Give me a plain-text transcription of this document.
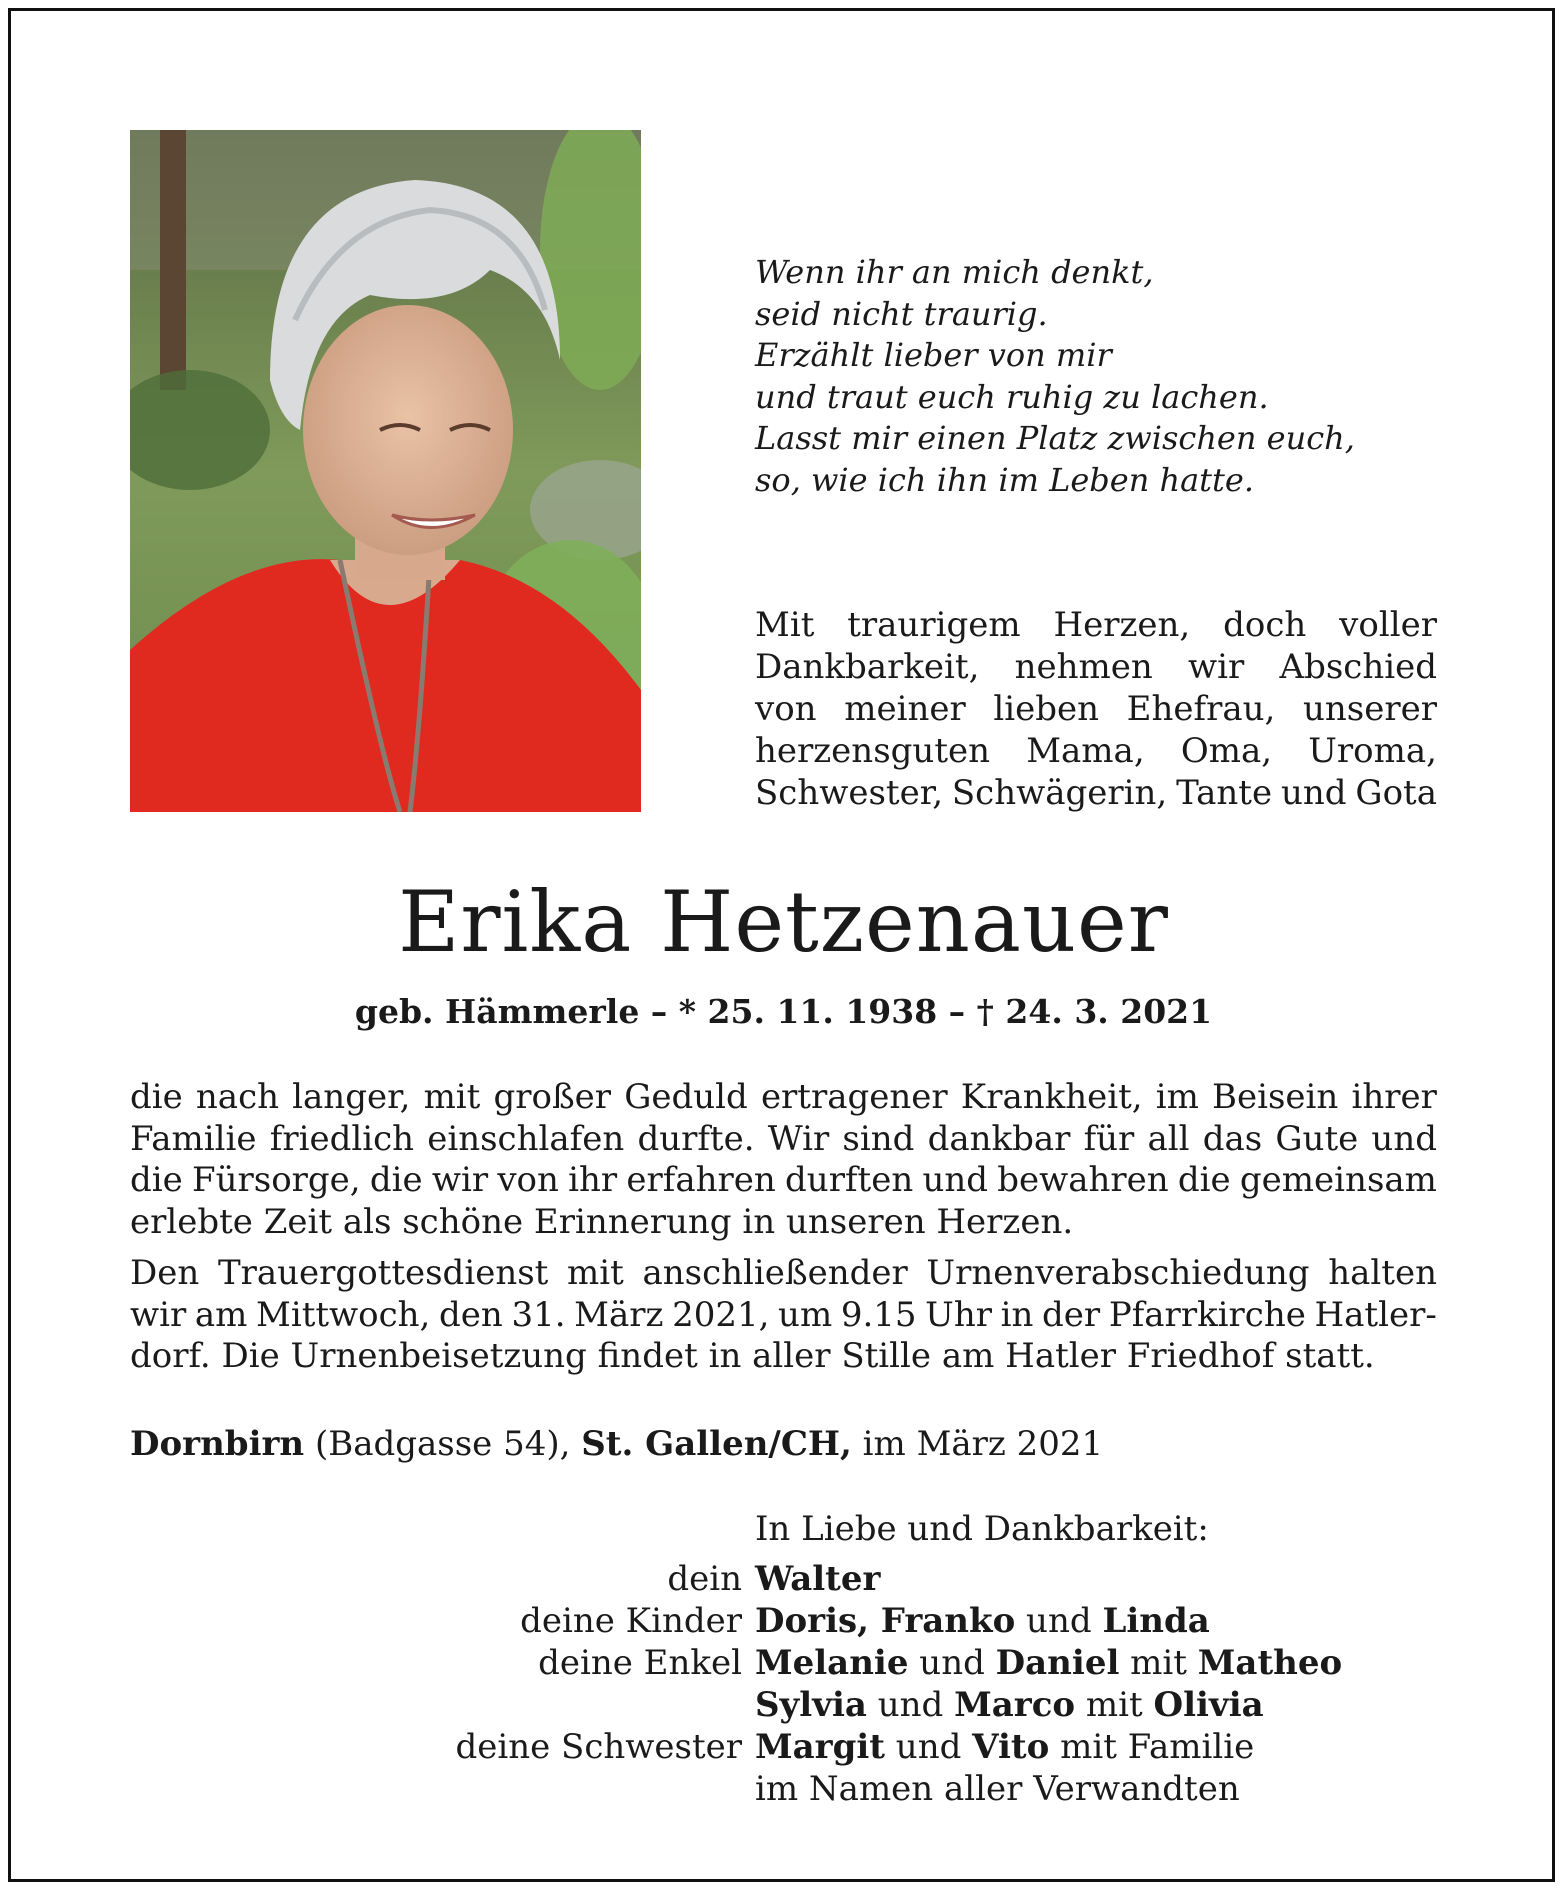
Wenn ihr an mich denkt,
seid nicht traurig.
Erzählt lieber von mir
und traut euch ruhig zu lachen.
Lasst mir einen Platz zwischen euch,
so, wie ich ihn im Leben hatte.

Mit traurigem Herzen, doch voller
Dankbarkeit, nehmen wir Abschied
von meiner lieben Ehefrau, unserer
herzensguten Mama, Oma, Uroma,
Schwester, Schwägerin, Tante und Gota

Erika Hetzenauer

geb. Hämmerle – * 25. 11. 1938 – † 24. 3. 2021

die nach langer, mit großer Geduld ertragener Krankheit, im Beisein ihrer
Familie friedlich einschlafen durfte. Wir sind dankbar für all das Gute und
die Fürsorge, die wir von ihr erfahren durften und bewahren die gemeinsam
erlebte Zeit als schöne Erinnerung in unseren Herzen.

Den Trauergottesdienst mit anschließender Urnenverabschiedung halten
wir am Mittwoch, den 31. März 2021, um 9.15 Uhr in der Pfarrkirche Hatler-
dorf. Die Urnenbeisetzung findet in aller Stille am Hatler Friedhof statt.

Dornbirn (Badgasse 54), St. Gallen/CH, im März 2021

In Liebe und Dankbarkeit:

dein Walter
deine Kinder Doris, Franko und Linda
deine Enkel Melanie und Daniel mit Matheo
Sylvia und Marco mit Olivia
deine Schwester Margit und Vito mit Familie
im Namen aller Verwandten
